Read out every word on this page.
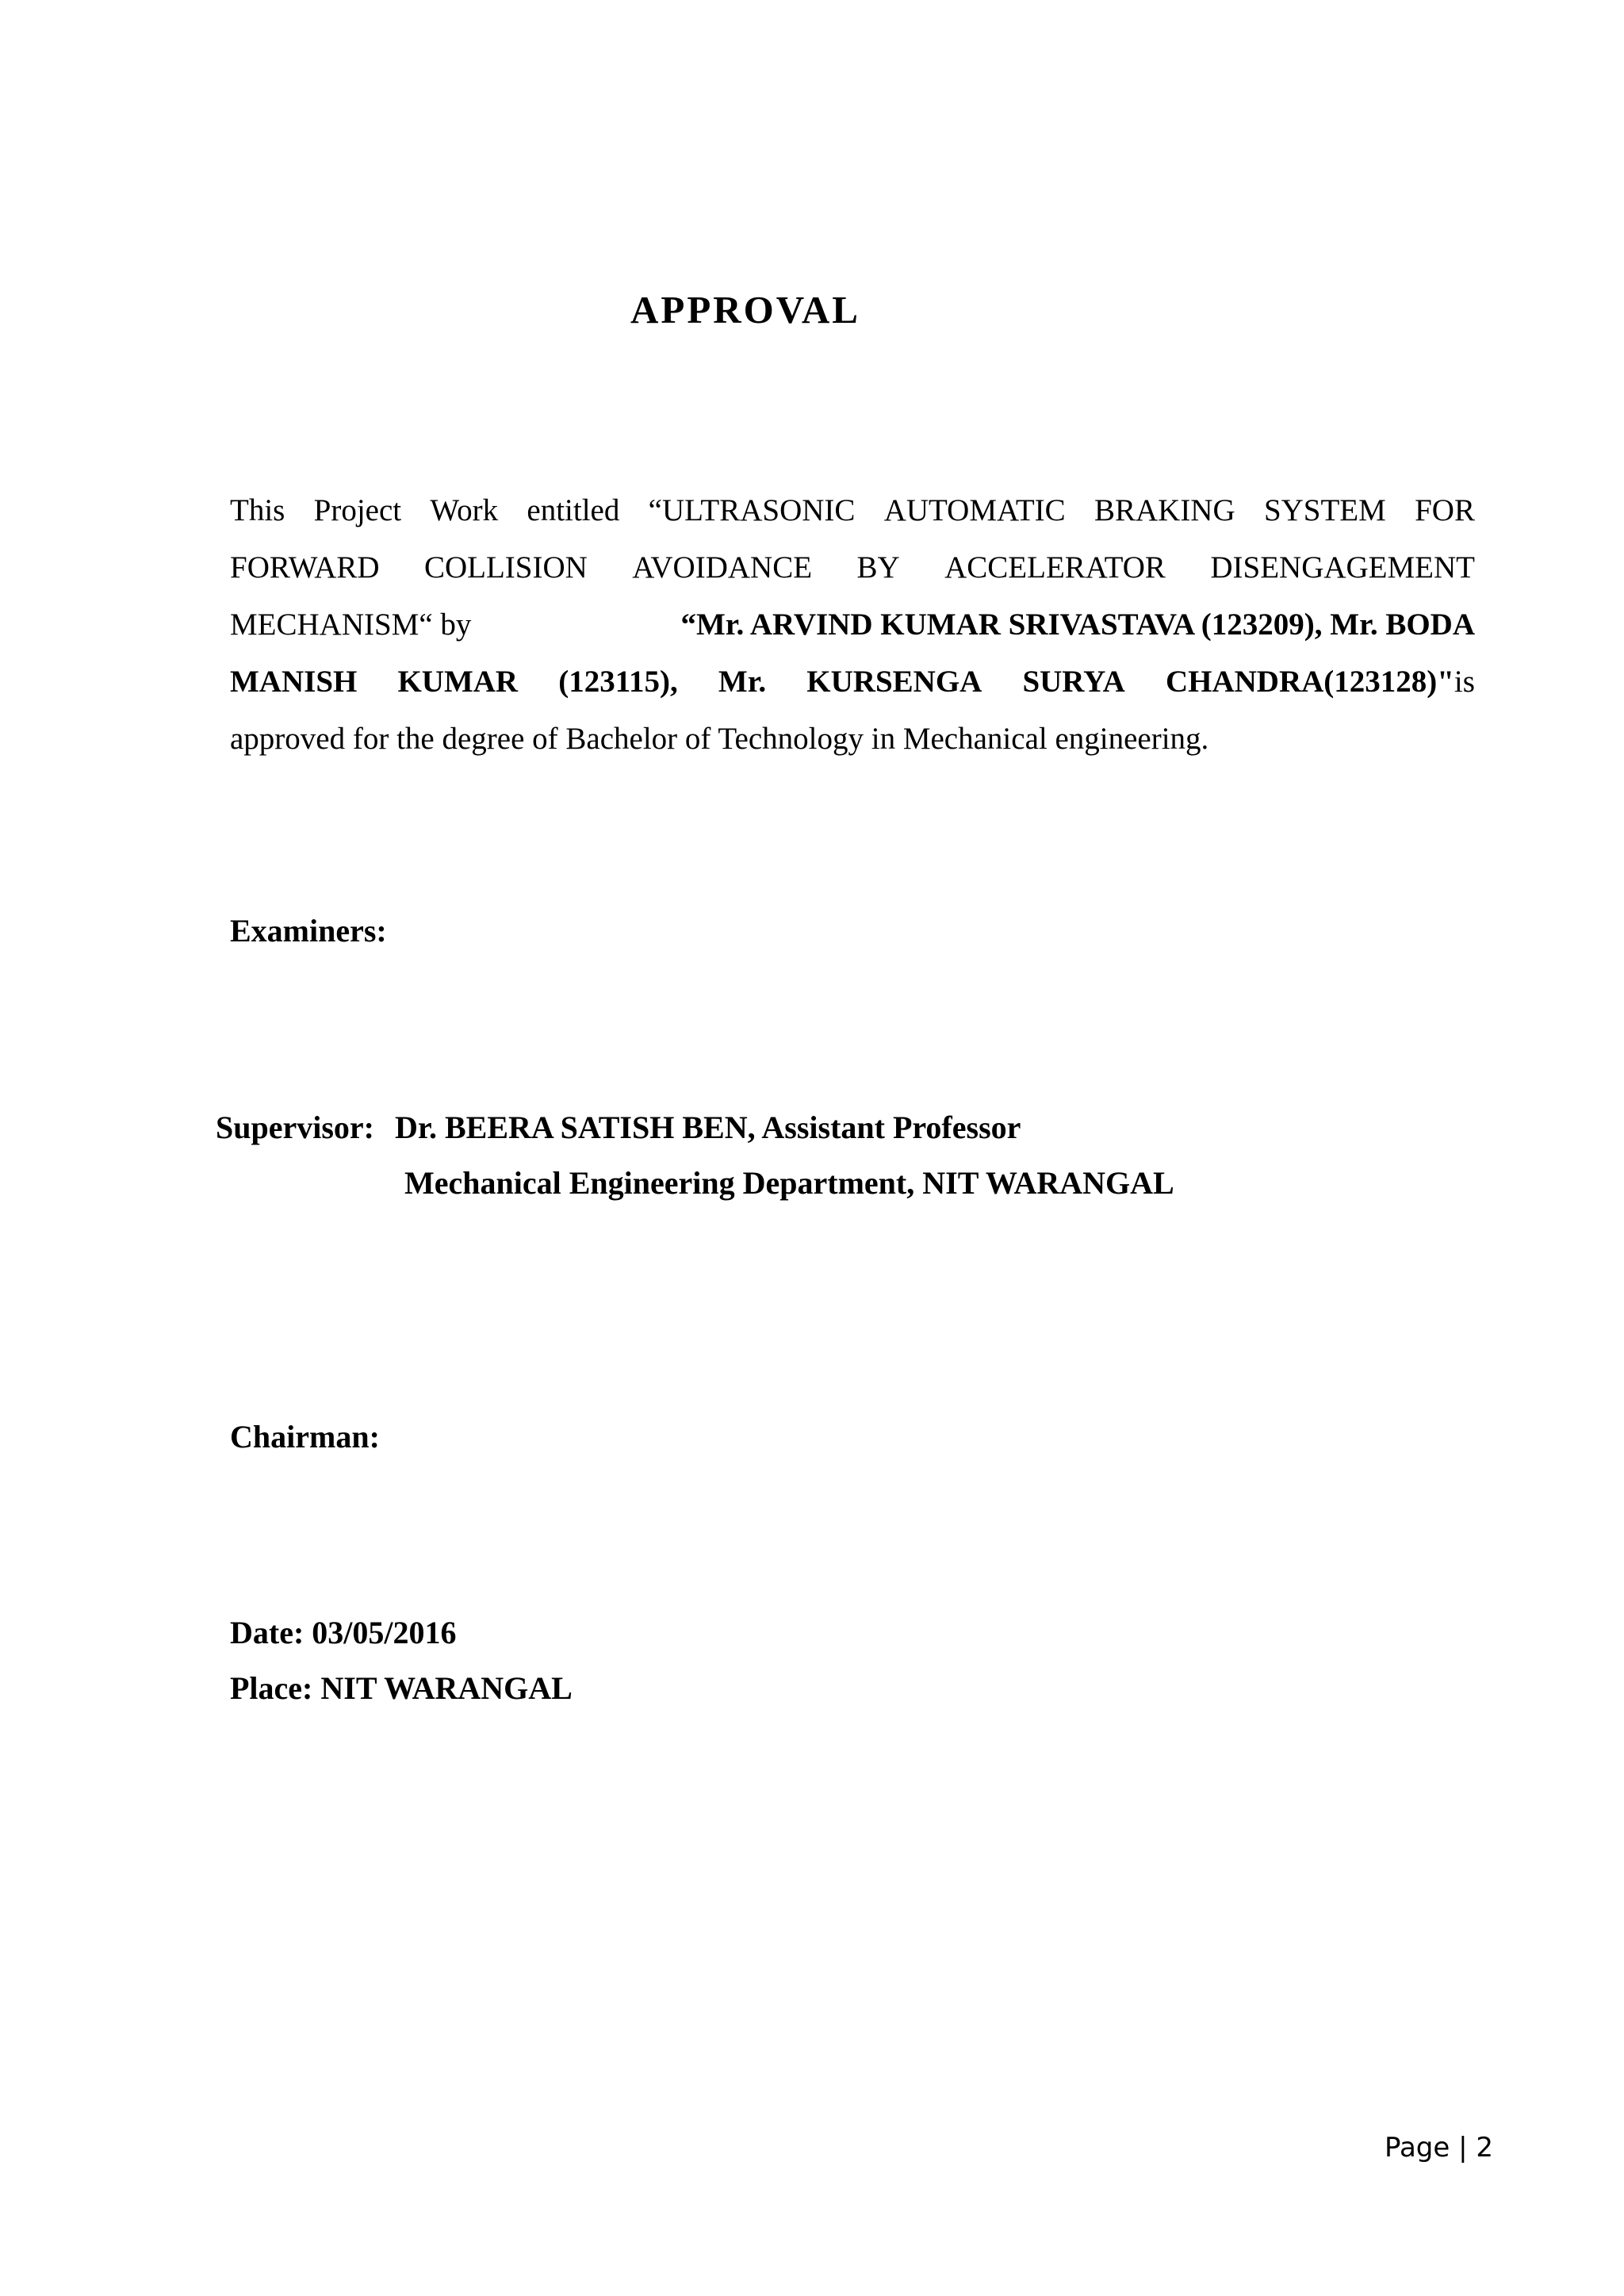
APPROVAL
This Project Work entitled “ULTRASONIC AUTOMATIC BRAKING SYSTEM FOR
FORWARD COLLISION AVOIDANCE BY ACCELERATOR DISENGAGEMENT
MECHANISM“ by	“Mr. ARVIND KUMAR SRIVASTAVA (123209), Mr. BODA
MANISH KUMAR (123115), Mr. KURSENGA SURYA CHANDRA(123128)"is
approved for the degree of Bachelor of Technology in Mechanical engineering.
Examiners:
Supervisor: Dr. BEERA SATISH BEN, Assistant Professor
Mechanical Engineering Department, NIT WARANGAL
Chairman:
Date: 03/05/2016
Place: NIT WARANGAL
Page | 2
